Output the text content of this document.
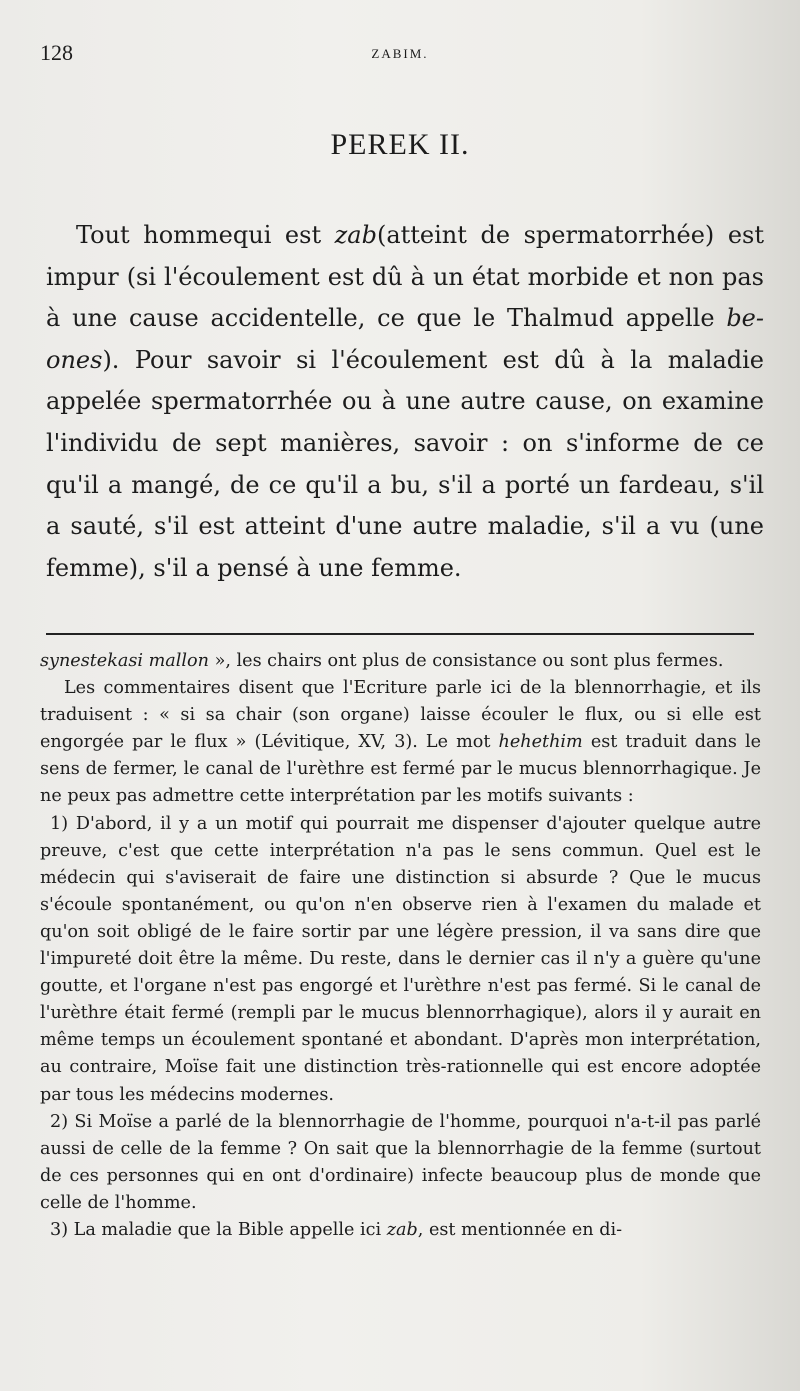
128	ZABIM.
PEREK II.

Tout hommequi est zab(atteint de spermatorrhée) est impur (si l'écoulement est dû à un état morbide et non pas à une cause accidentelle, ce que le Thalmud appelle be-ones). Pour savoir si l'écoulement est dû à la maladie appelée spermatorrhée ou à une autre cause, on examine l'individu de sept manières, savoir : on s'informe de ce qu'il a mangé, de ce qu'il a bu, s'il a porté un fardeau, s'il a sauté, s'il est atteint d'une autre maladie, s'il a vu (une femme), s'il a pensé à une femme.

synestekasi mallon », les chairs ont plus de consistance ou sont plus fermes.

Les commentaires disent que l'Ecriture parle ici de la blennorrhagie, et ils traduisent : « si sa chair (son organe) laisse écouler le flux, ou si elle est engorgée par le flux » (Lévitique, XV, 3). Le mot hehethim est traduit dans le sens de fermer, le canal de l'urèthre est fermé par le mucus blennorrhagique. Je ne peux pas admettre cette interprétation par les motifs suivants :

1) D'abord, il y a un motif qui pourrait me dispenser d'ajouter quelque autre preuve, c'est que cette interprétation n'a pas le sens commun. Quel est le médecin qui s'aviserait de faire une distinction si absurde ? Que le mucus s'écoule spontanément, ou qu'on n'en observe rien à l'examen du malade et qu'on soit obligé de le faire sortir par une légère pression, il va sans dire que l'impureté doit être la même. Du reste, dans le dernier cas il n'y a guère qu'une goutte, et l'organe n'est pas engorgé et l'urèthre n'est pas fermé. Si le canal de l'urèthre était fermé (rempli par le mucus blennorrhagique), alors il y aurait en même temps un écoulement spontané et abondant. D'après mon interprétation, au contraire, Moïse fait une distinction très-rationnelle qui est encore adoptée par tous les médecins modernes.

2) Si Moïse a parlé de la blennorrhagie de l'homme, pourquoi n'a-t-il pas parlé aussi de celle de la femme ? On sait que la blennorrhagie de la femme (surtout de ces personnes qui en ont d'ordinaire) infecte beaucoup plus de monde que celle de l'homme.

3) La maladie que la Bible appelle ici zab, est mentionnée en di-
